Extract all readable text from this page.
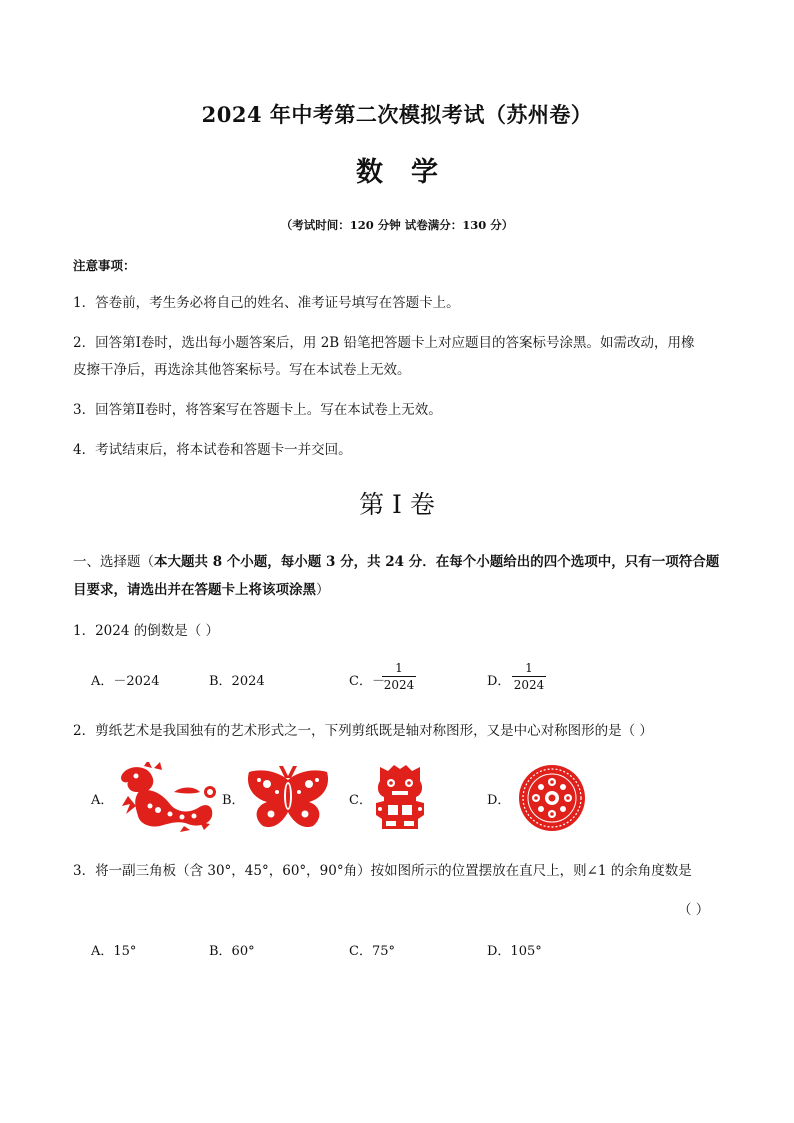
2024 年中考第二次模拟考试（苏州卷）
数学
（考试时间：120 分钟 试卷满分：130 分）
注意事项：
1．答卷前，考生务必将自己的姓名、准考证号填写在答题卡上。
2．回答第Ⅰ卷时，选出每小题答案后，用 2B 铅笔把答题卡上对应题目的答案标号涂黑。如需改动，用橡
皮擦干净后，再选涂其他答案标号。写在本试卷上无效。
3．回答第Ⅱ卷时，将答案写在答题卡上。写在本试卷上无效。
4．考试结束后，将本试卷和答题卡一并交回。
第 I 卷
一、选择题（本大题共 8 个小题，每小题 3 分，共 24 分．在每个小题给出的四个选项中，只有一项符合题
目要求，请选出并在答题卡上将该项涂黑）
1．2024 的倒数是（ ）
A．－2024	B．2024	C．－
1
2024	D．
1
2024
2．剪纸艺术是我国独有的艺术形式之一，下列剪纸既是轴对称图形，又是中心对称图形的是（ ）
A．	B．	C．	D．
3．将一副三角板（含 30°，45°，60°，90°角）按如图所示的位置摆放在直尺上，则∠1 的余角度数是
（ ）
A．15°	B．60°	C．75°	D．105°
